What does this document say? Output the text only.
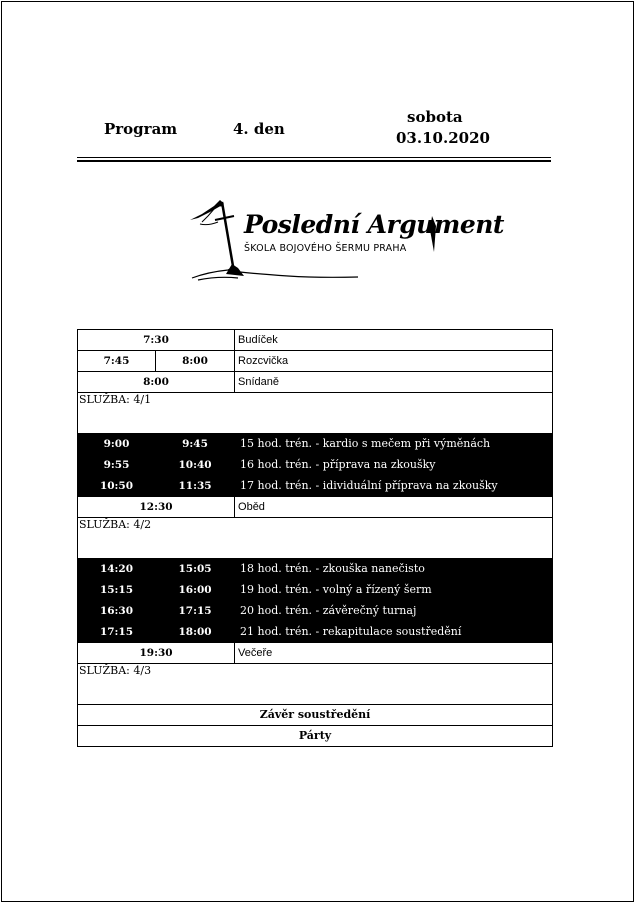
Program	4. den
sobota
03.10.2020
Poslední Argument
ŠKOLA BOJOVÉHO ŠERMU PRAHA
7:30		Budíček
7:45	8:00	Rozcvička
8:00		Snídaně
SLUŽBA: 4/1		
9:00	9:45	15 hod. trén. - kardio s mečem při výměnách
9:55	10:40	16 hod. trén. - příprava na zkoušky
10:50	11:35	17 hod. trén. - idividuální příprava na zkoušky
12:30		Oběd
SLUŽBA: 4/2		
14:20	15:05	18 hod. trén. - zkouška nanečisto
15:15	16:00	19 hod. trén. - volný a řízený šerm
16:30	17:15	20 hod. trén. - závěrečný turnaj
17:15	18:00	21 hod. trén. - rekapitulace soustředění
19:30		Večeře
SLUŽBA: 4/3		
Závěr soustředění		
Párty		
